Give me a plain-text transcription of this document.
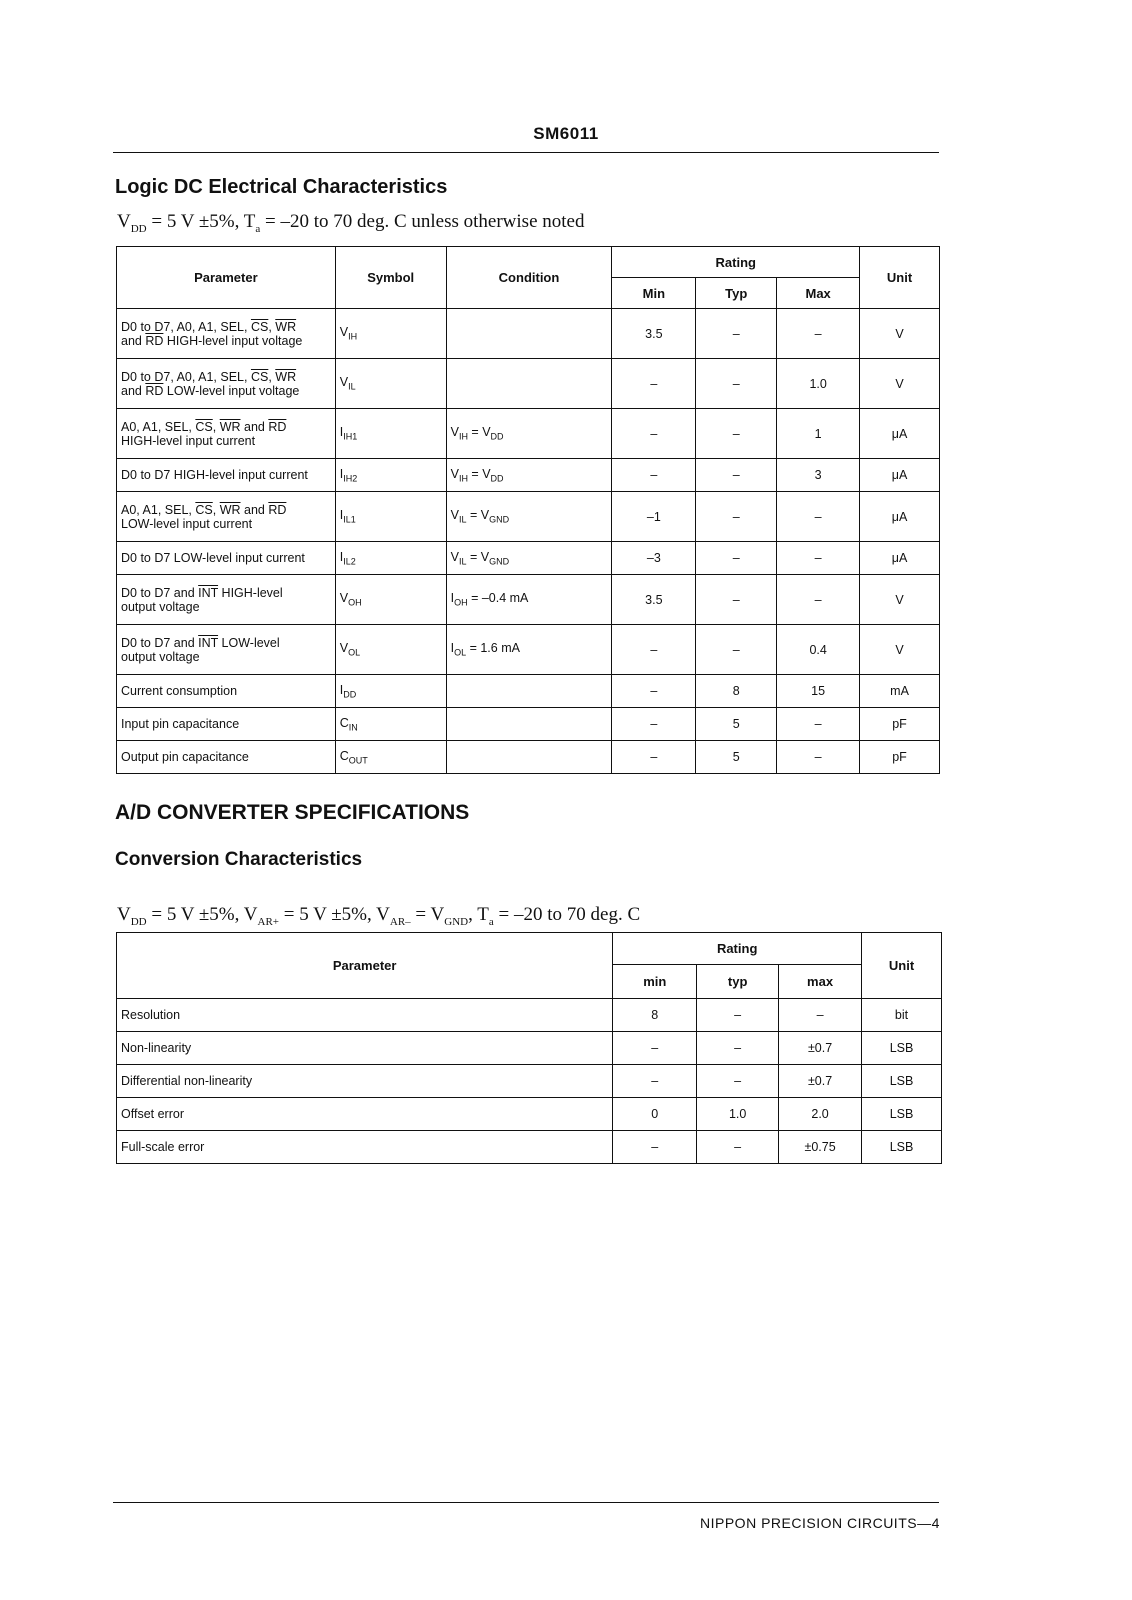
SM6011
Logic DC Electrical Characteristics
$V_{DD} = 5$ V ±5%, $T_a = -20$ to 70 deg. C unless otherwise noted
Parameter	Symbol	Condition	Rating			Unit
			Min	Typ	Max	
D0 to D7, A0, A1, SEL, $\overline{CS}$, $\overline{WR}$
and $\overline{RD}$ HIGH-level input voltage	$V_{IH}$		3.5	–	–	V
D0 to D7, A0, A1, SEL, $\overline{CS}$, $\overline{WR}$
and $\overline{RD}$ LOW-level input voltage	$V_{IL}$		–	–	1.0	V
A0, A1, SEL, $\overline{CS}$, $\overline{WR}$ and $\overline{RD}$
HIGH-level input current	$I_{IH1}$	$V_{IH} = V_{DD}$	–	–	1	μA
D0 to D7 HIGH-level input current	$I_{IH2}$	$V_{IH} = V_{DD}$	–	–	3	μA
A0, A1, SEL, $\overline{CS}$, $\overline{WR}$ and $\overline{RD}$
LOW-level input current	$I_{IL1}$	$V_{IL} = V_{GND}$	–1	–	–	μA
D0 to D7 LOW-level input current	$I_{IL2}$	$V_{IL} = V_{GND}$	–3	–	–	μA
D0 to D7 and $\overline{INT}$ HIGH-level
output voltage	$V_{OH}$	$I_{OH} = -0.4$ mA	3.5	–	–	V
D0 to D7 and $\overline{INT}$ LOW-level
output voltage	$V_{OL}$	$I_{OL} = 1.6$ mA	–	–	0.4	V
Current consumption	$I_{DD}$		–	8	15	mA
Input pin capacitance	$C_{IN}$		–	5	–	pF
Output pin capacitance	$C_{OUT}$		–	5	–	pF
A/D CONVERTER SPECIFICATIONS
Conversion Characteristics
$V_{DD} = 5$ V ±5%, $V_{AR+} = 5$ V ±5%, $V_{AR-} = V_{GND}$, $T_a = -20$ to 70 deg. C
Parameter	Rating			Unit
	min	typ	max	
Resolution	8	–	–	bit
Non-linearity	–	–	±0.7	LSB
Differential non-linearity	–	–	±0.7	LSB
Offset error	0	1.0	2.0	LSB
Full-scale error	–	–	±0.75	LSB
NIPPON PRECISION CIRCUITS—4
